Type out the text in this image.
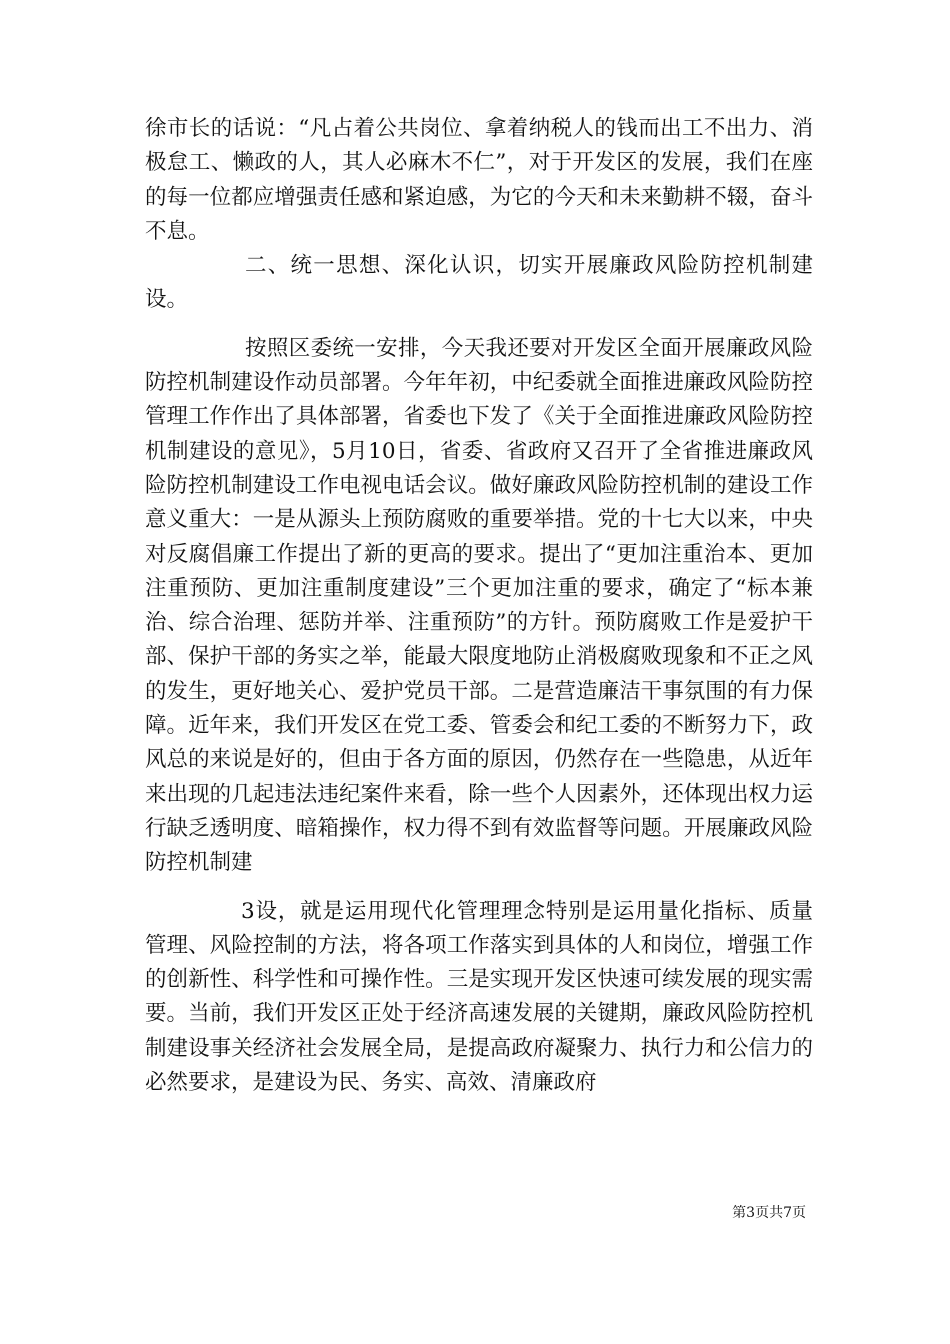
徐市长的话说：“凡占着公共岗位、拿着纳税人的钱而出工不出力、消极怠工、懒政的人，其人必麻木不仁”，对于开发区的发展，我们在座的每一位都应增强责任感和紧迫感，为它的今天和未来勤耕不辍，奋斗不息。

二、统一思想、深化认识，切实开展廉政风险防控机制建设。

按照区委统一安排，今天我还要对开发区全面开展廉政风险防控机制建设作动员部署。今年年初，中纪委就全面推进廉政风险防控管理工作作出了具体部署，省委也下发了《关于全面推进廉政风险防控机制建设的意见》，5月10日，省委、省政府又召开了全省推进廉政风险防控机制建设工作电视电话会议。做好廉政风险防控机制的建设工作意义重大：一是从源头上预防腐败的重要举措。党的十七大以来，中央对反腐倡廉工作提出了新的更高的要求。提出了“更加注重治本、更加注重预防、更加注重制度建设”三个更加注重的要求，确定了“标本兼治、综合治理、惩防并举、注重预防”的方针。预防腐败工作是爱护干部、保护干部的务实之举，能最大限度地防止消极腐败现象和不正之风的发生，更好地关心、爱护党员干部。二是营造廉洁干事氛围的有力保障。近年来，我们开发区在党工委、管委会和纪工委的不断努力下，政风总的来说是好的，但由于各方面的原因，仍然存在一些隐患，从近年来出现的几起违法违纪案件来看，除一些个人因素外，还体现出权力运行缺乏透明度、暗箱操作，权力得不到有效监督等问题。开展廉政风险防控机制建

3设，就是运用现代化管理理念特别是运用量化指标、质量管理、风险控制的方法，将各项工作落实到具体的人和岗位，增强工作的创新性、科学性和可操作性。三是实现开发区快速可续发展的现实需要。当前，我们开发区正处于经济高速发展的关键期，廉政风险防控机制建设事关经济社会发展全局，是提高政府凝聚力、执行力和公信力的必然要求，是建设为民、务实、高效、清廉政府

第3页共7页
